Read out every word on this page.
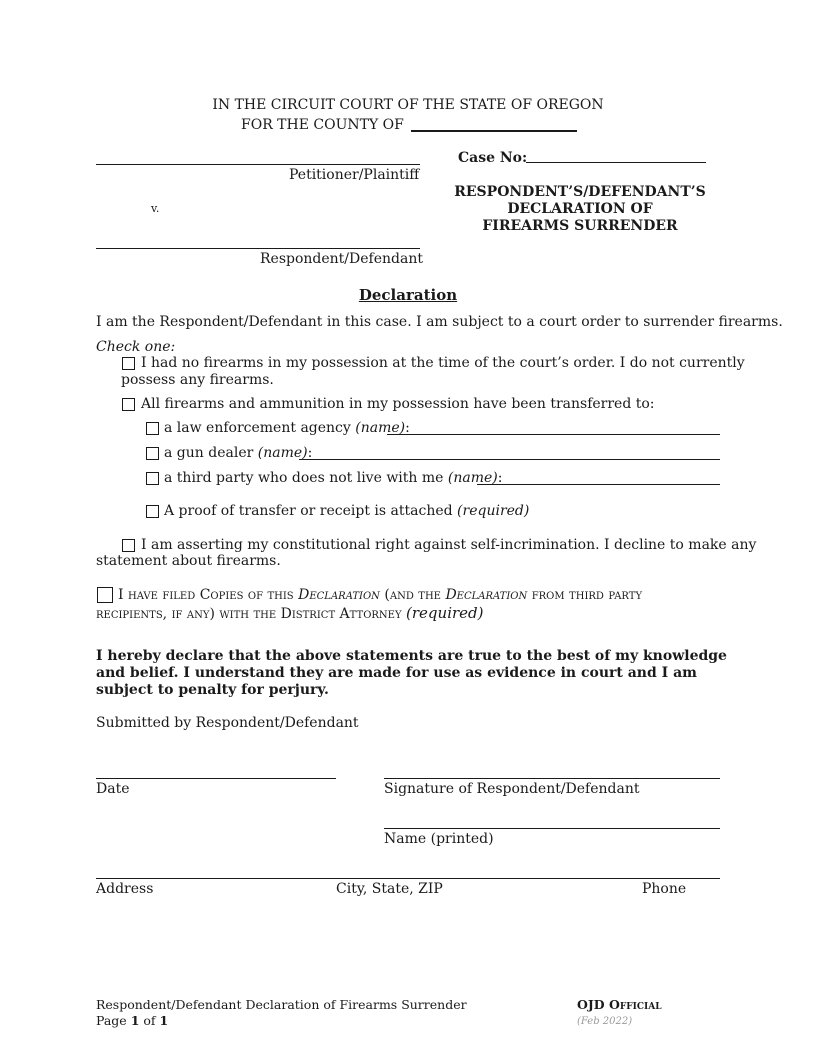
IN THE CIRCUIT COURT OF THE STATE OF OREGON
FOR THE COUNTY OF
Petitioner/Plaintiff
v.
Respondent/Defendant
Case No:
RESPONDENT’S/DEFENDANT’S
DECLARATION OF
FIREARMS SURRENDER
Declaration
I am the Respondent/Defendant in this case. I am subject to a court order to surrender firearms.
Check one:
I had no firearms in my possession at the time of the court’s order. I do not currently
possess any firearms.
All firearms and ammunition in my possession have been transferred to:
a law enforcement agency (name):
a gun dealer (name):
a third party who does not live with me (name):
A proof of transfer or receipt is attached (required)
I am asserting my constitutional right against self-incrimination. I decline to make any
statement about firearms.
I have filed Copies of this Declaration (and the Declaration from third party
recipients, if any) with the District Attorney (required)
I hereby declare that the above statements are true to the best of my knowledge
and belief. I understand they are made for use as evidence in court and I am
subject to penalty for perjury.
Submitted by Respondent/Defendant
Date	Signature of Respondent/Defendant
Name (printed)
Address	City, State, ZIP	Phone
Respondent/Defendant Declaration of Firearms Surrender
Page 1 of 1
OJD Official
(Feb 2022)
